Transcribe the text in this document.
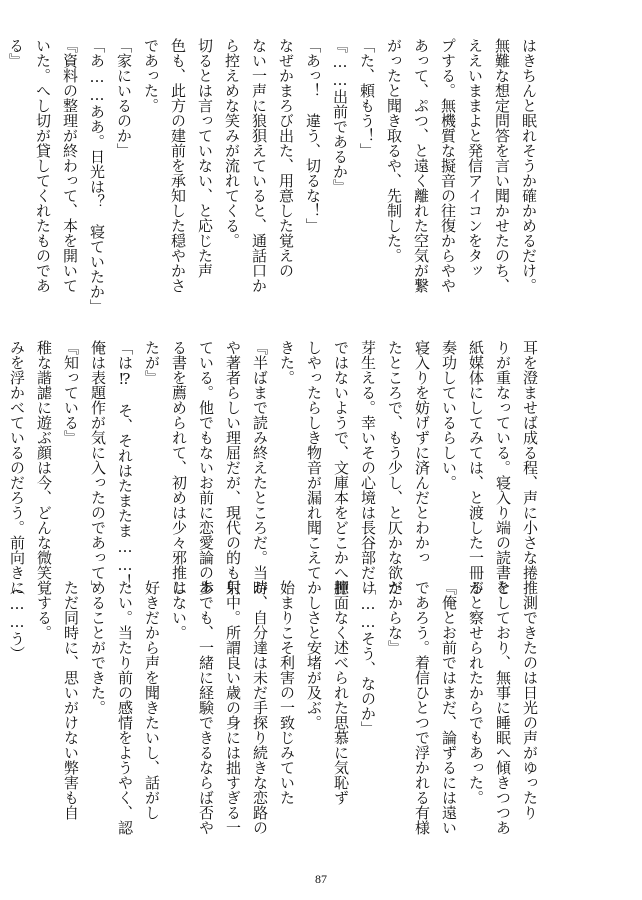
はきちんと眠れそうか確かめるだけ。
無難な想定問答を言い聞かせたのち、
ええいままよと発信アイコンをタッ
プする。無機質な擬音の往復からやや
あって、ぷつ、と遠く離れた空気が繋
がったと聞き取るや、先制した。
「た、頼もう！」
『……出前であるか』
「あっ！　違う、切るな！」
なぜかまろび出た、用意した覚えの
ない一声に狼狽えていると、通話口か
ら控えめな笑みが流れてくる。
切るとは言っていない、と応じた声
色も、此方の建前を承知した穏やかさ
であった。
「家にいるのか」
「あ……ああ。日光は？　寝ていたか」
『資料の整理が終わって、本を開いて
いた。へし切が貸してくれたものであ
る』
耳を澄ませば成る程、声に小さな捲
りが重なっている。寝入り端の読書を
紙媒体にしてみては、と渡した一冊が
奏功しているらしい。
寝入りを妨げずに済んだとわかっ
たところで、もう少し、と仄かな欲が
芽生える。幸いその心境は長谷部だけ
ではないようで、文庫本をどこかへ押
しやったらしき物音が漏れ聞こえて
きた。
『半ばまで読み終えたところだ。当時
や著者らしい理屈だが、現代の的も射
ている。他でもないお前に恋愛論のあ
る書を薦められて、初めは少々邪推し
たが』
「は⁉　そ、それはたまたま……！
俺は表題作が気に入ったのであって」
『知っている』
稚な諧謔に遊ぶ顔は今、どんな微笑
みを浮かべているのだろう。前向きに
推測できたのは日光の声がゆったり
としており、無事に睡眠へ傾きつつあ
ると察せられたからでもあった。
『俺とお前ではまだ、論ずるには遠い
であろう。着信ひとつで浮かれる有様
だからな』
「……そう、なのか」
臆面なく述べられた思慕に気恥ず
かしさと安堵が及ぶ。
始まりこそ利害の一致じみていた
が、自分達は未だ手探り続きな恋路の
只中。所謂良い歳の身には拙すぎる一
歩でも、一緒に経験できるならば否や
はない。
好きだから声を聞きたいし、話がし
たい。当たり前の感情をようやく、認
めることができた。
ただ同時に、思いがけない弊害も自
覚する。
（……う）
87
